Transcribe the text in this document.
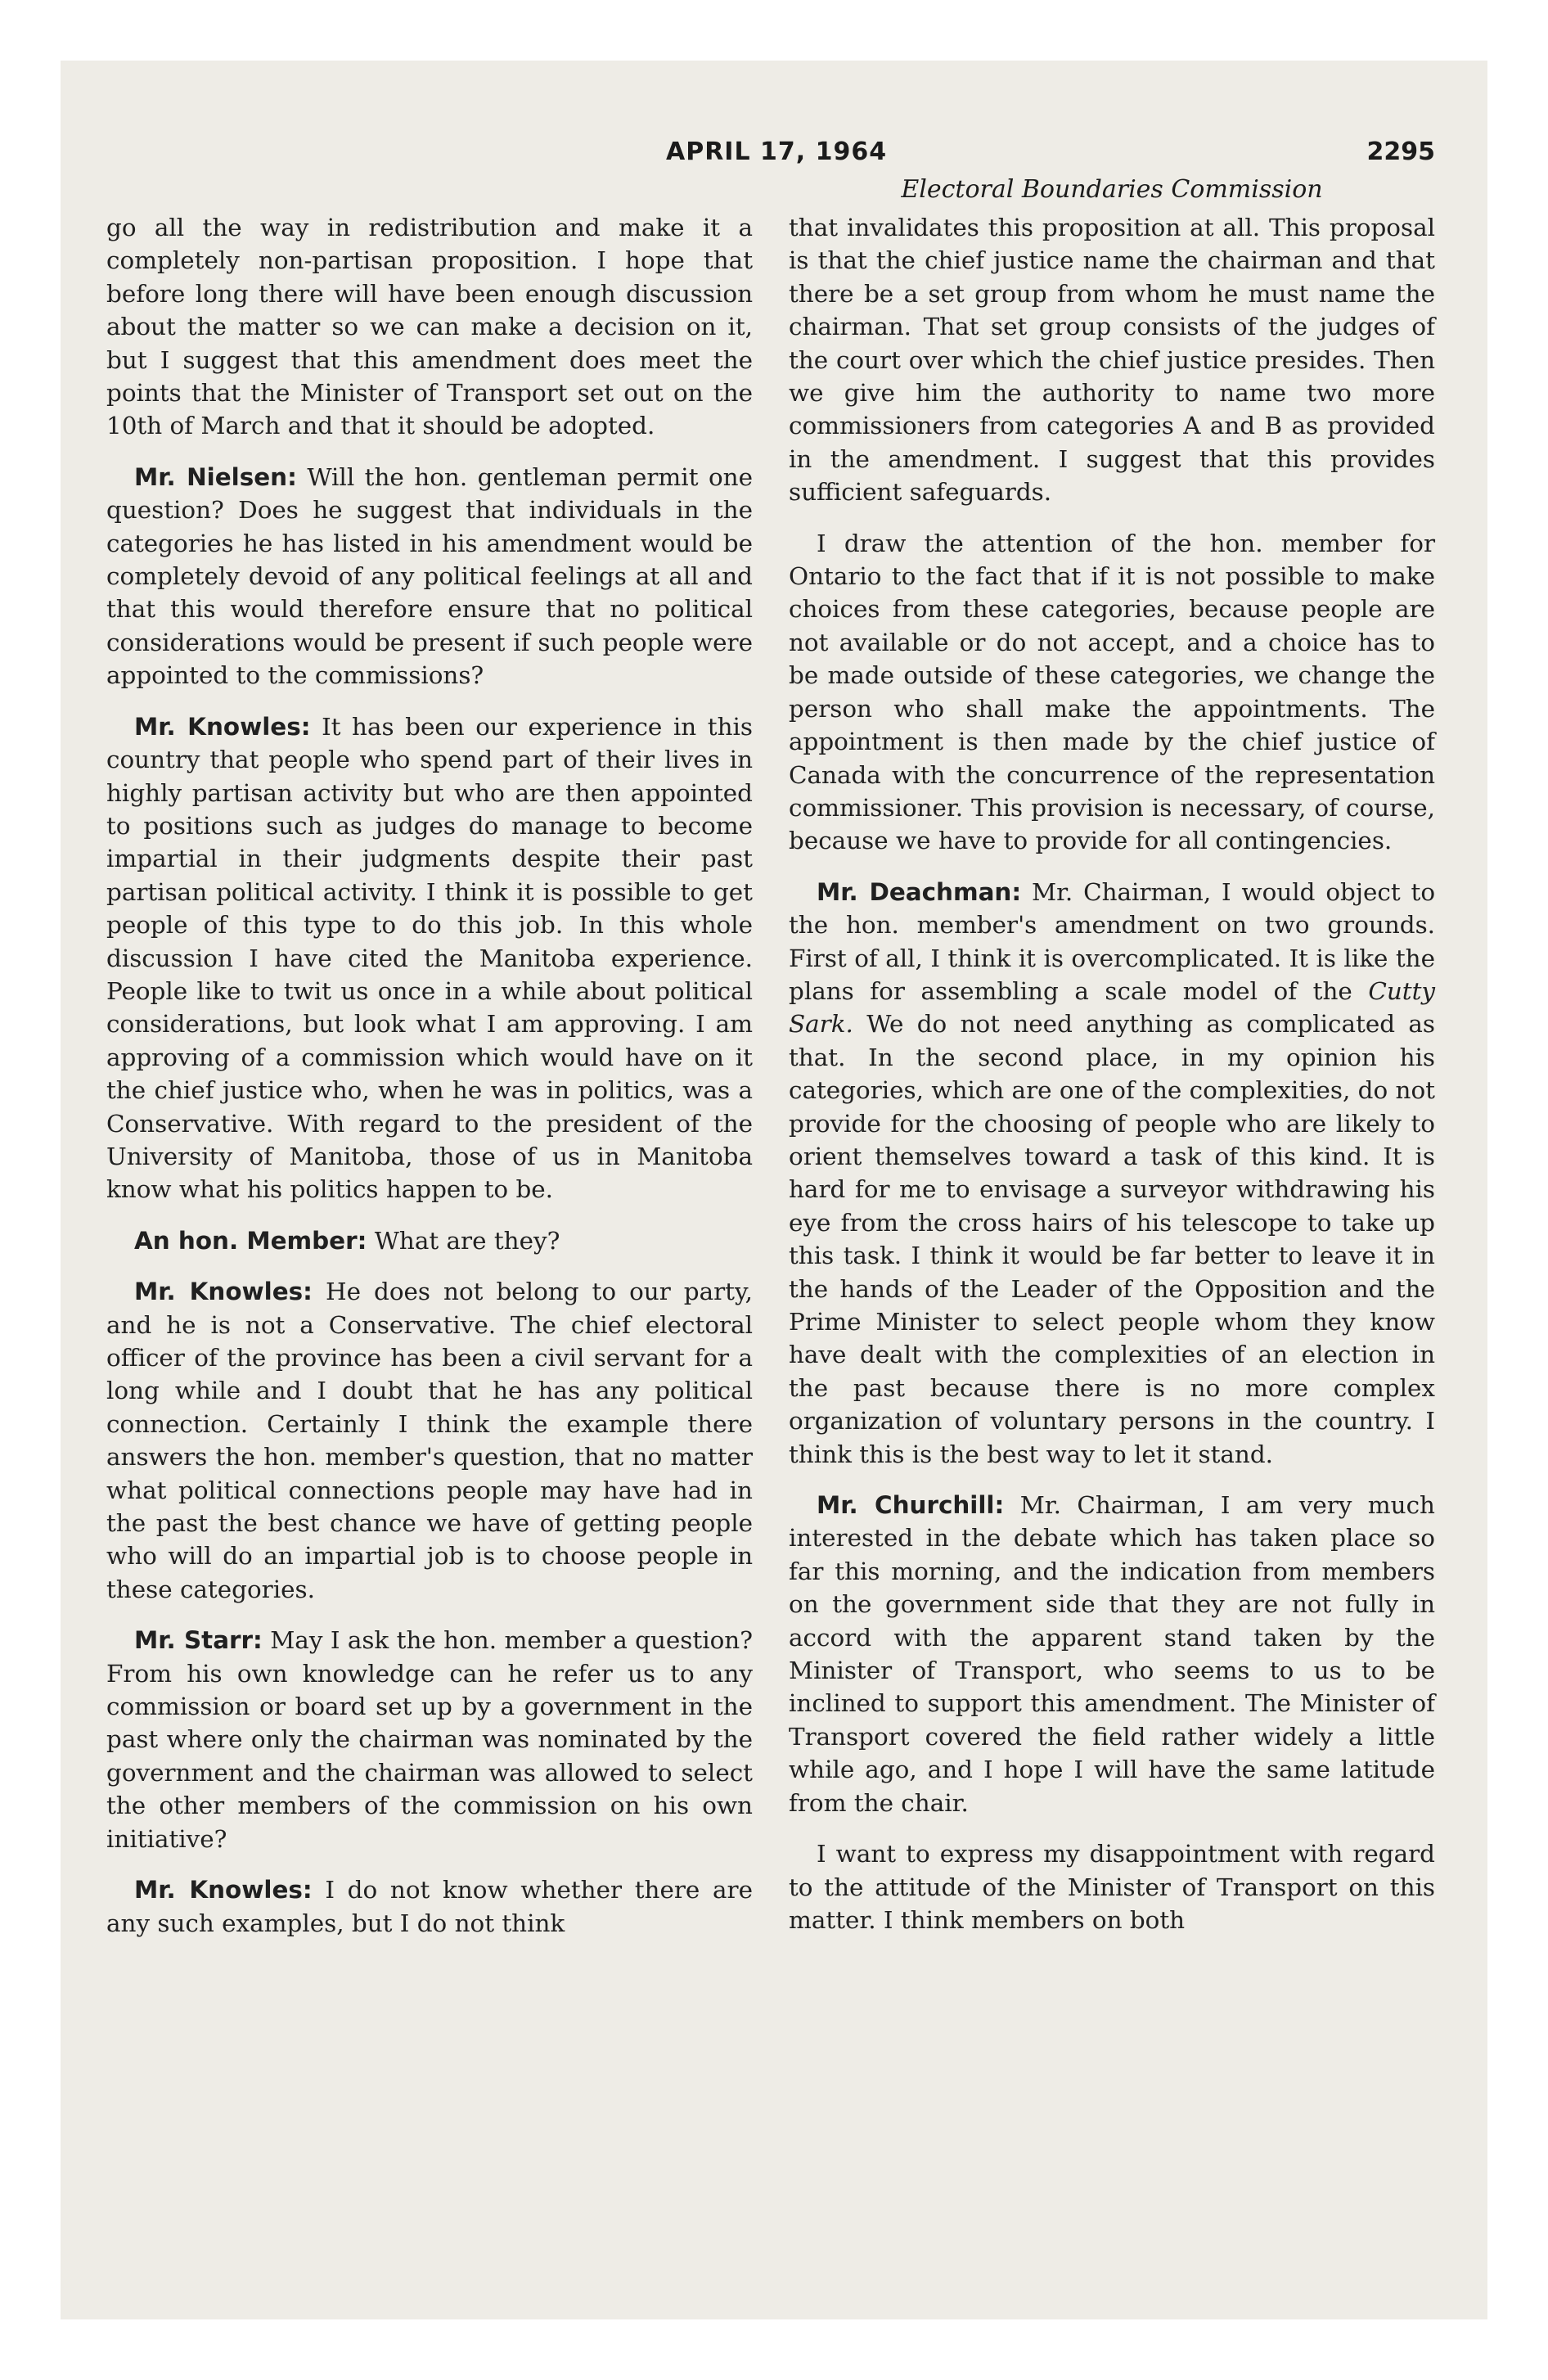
APRIL 17, 1964	2295
Electoral Boundaries Commission

go all the way in redistribution and make it a completely non-partisan proposition. I hope that before long there will have been enough discussion about the matter so we can make a decision on it, but I suggest that this amendment does meet the points that the Minister of Transport set out on the 10th of March and that it should be adopted.

Mr. Nielsen: Will the hon. gentleman permit one question? Does he suggest that individuals in the categories he has listed in his amendment would be completely devoid of any political feelings at all and that this would therefore ensure that no political considerations would be present if such people were appointed to the commissions?

Mr. Knowles: It has been our experience in this country that people who spend part of their lives in highly partisan activity but who are then appointed to positions such as judges do manage to become impartial in their judgments despite their past partisan political activity. I think it is possible to get people of this type to do this job. In this whole discussion I have cited the Manitoba experience. People like to twit us once in a while about political considerations, but look what I am approving. I am approving of a commission which would have on it the chief justice who, when he was in politics, was a Conservative. With regard to the president of the University of Manitoba, those of us in Manitoba know what his politics happen to be.

An hon. Member: What are they?

Mr. Knowles: He does not belong to our party, and he is not a Conservative. The chief electoral officer of the province has been a civil servant for a long while and I doubt that he has any political connection. Certainly I think the example there answers the hon. member's question, that no matter what political connections people may have had in the past the best chance we have of getting people who will do an impartial job is to choose people in these categories.

Mr. Starr: May I ask the hon. member a question? From his own knowledge can he refer us to any commission or board set up by a government in the past where only the chairman was nominated by the government and the chairman was allowed to select the other members of the commission on his own initiative?

Mr. Knowles: I do not know whether there are any such examples, but I do not think

that invalidates this proposition at all. This proposal is that the chief justice name the chairman and that there be a set group from whom he must name the chairman. That set group consists of the judges of the court over which the chief justice presides. Then we give him the authority to name two more commissioners from categories A and B as provided in the amendment. I suggest that this provides sufficient safeguards.

I draw the attention of the hon. member for Ontario to the fact that if it is not possible to make choices from these categories, because people are not available or do not accept, and a choice has to be made outside of these categories, we change the person who shall make the appointments. The appointment is then made by the chief justice of Canada with the concurrence of the representation commissioner. This provision is necessary, of course, because we have to provide for all contingencies.

Mr. Deachman: Mr. Chairman, I would object to the hon. member's amendment on two grounds. First of all, I think it is overcomplicated. It is like the plans for assembling a scale model of the Cutty Sark. We do not need anything as complicated as that. In the second place, in my opinion his categories, which are one of the complexities, do not provide for the choosing of people who are likely to orient themselves toward a task of this kind. It is hard for me to envisage a surveyor withdrawing his eye from the cross hairs of his telescope to take up this task. I think it would be far better to leave it in the hands of the Leader of the Opposition and the Prime Minister to select people whom they know have dealt with the complexities of an election in the past because there is no more complex organization of voluntary persons in the country. I think this is the best way to let it stand.

Mr. Churchill: Mr. Chairman, I am very much interested in the debate which has taken place so far this morning, and the indication from members on the government side that they are not fully in accord with the apparent stand taken by the Minister of Transport, who seems to us to be inclined to support this amendment. The Minister of Transport covered the field rather widely a little while ago, and I hope I will have the same latitude from the chair.

I want to express my disappointment with regard to the attitude of the Minister of Transport on this matter. I think members on both
